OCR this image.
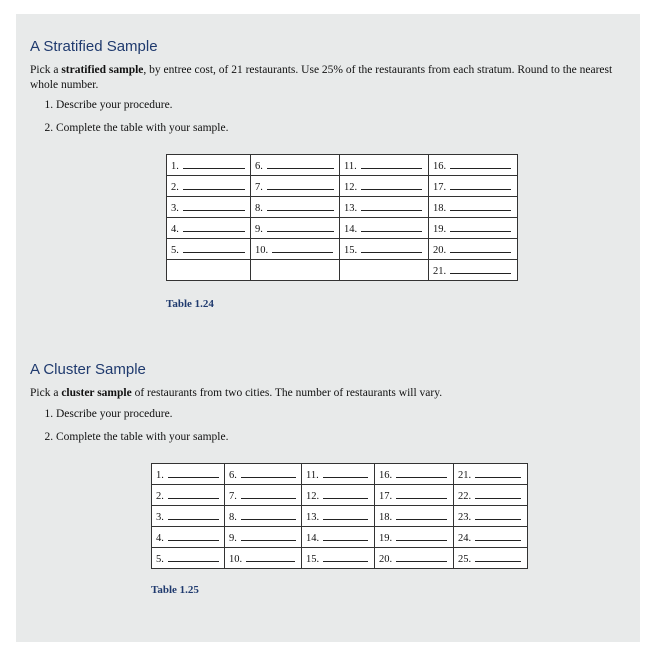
A Stratified Sample

Pick a stratified sample, by entree cost, of 21 restaurants. Use 25% of the restaurants from each stratum. Round to the nearest whole number.

1. Describe your procedure.
2. Complete the table with your sample.
1.	6.	11.	16.
2.	7.	12.	17.
3.	8.	13.	18.
4.	9.	14.	19.
5.	10.	15.	20.
			21.

Table 1.24

A Cluster Sample

Pick a cluster sample of restaurants from two cities. The number of restaurants will vary.

1. Describe your procedure.
2. Complete the table with your sample.
1.	6.	11.	16.	21.
2.	7.	12.	17.	22.
3.	8.	13.	18.	23.
4.	9.	14.	19.	24.
5.	10.	15.	20.	25.

Table 1.25
